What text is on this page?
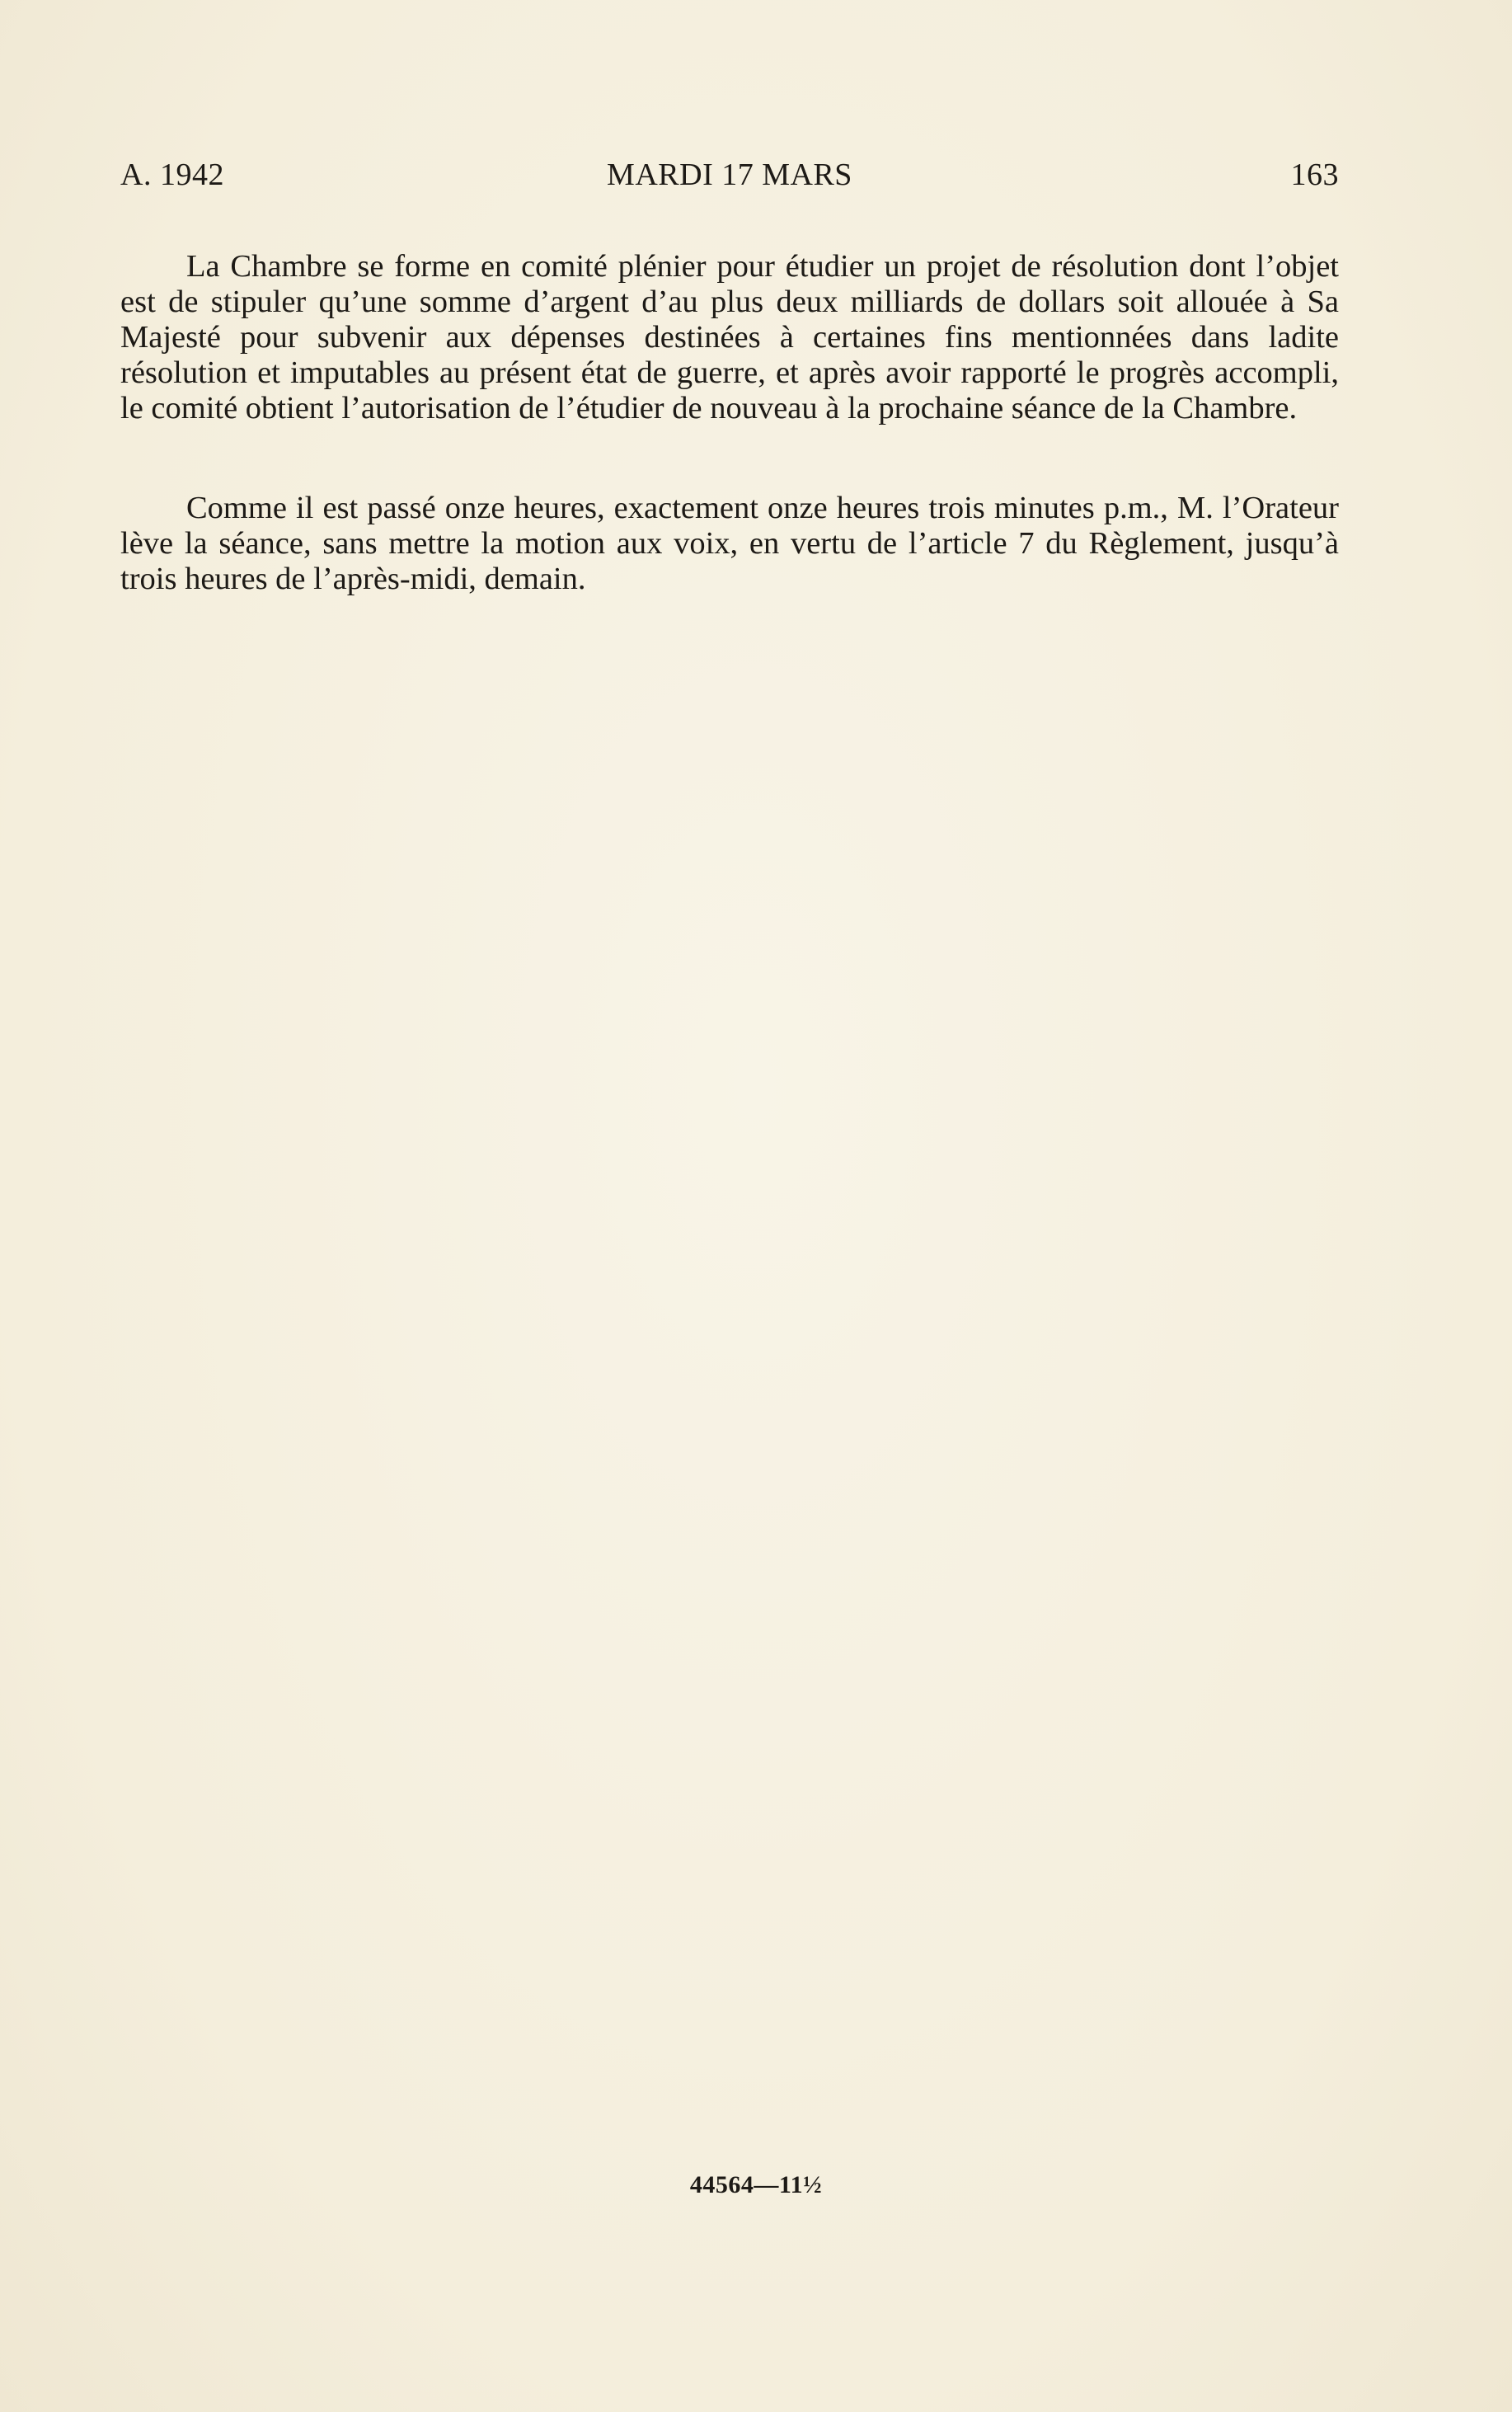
A. 1942	MARDI 17 MARS	163

La Chambre se forme en comité plénier pour étudier un projet de résolution dont l’objet est de stipuler qu’une somme d’argent d’au plus deux milliards de dollars soit allouée à Sa Majesté pour subvenir aux dépenses destinées à certaines fins mentionnées dans ladite résolution et imputables au présent état de guerre, et après avoir rapporté le progrès accompli, le comité obtient l’autorisation de l’étudier de nouveau à la prochaine séance de la Chambre.

Comme il est passé onze heures, exactement onze heures trois minutes p.m., M. l’Orateur lève la séance, sans mettre la motion aux voix, en vertu de l’article 7 du Règlement, jusqu’à trois heures de l’après-midi, demain.

44564—11½
